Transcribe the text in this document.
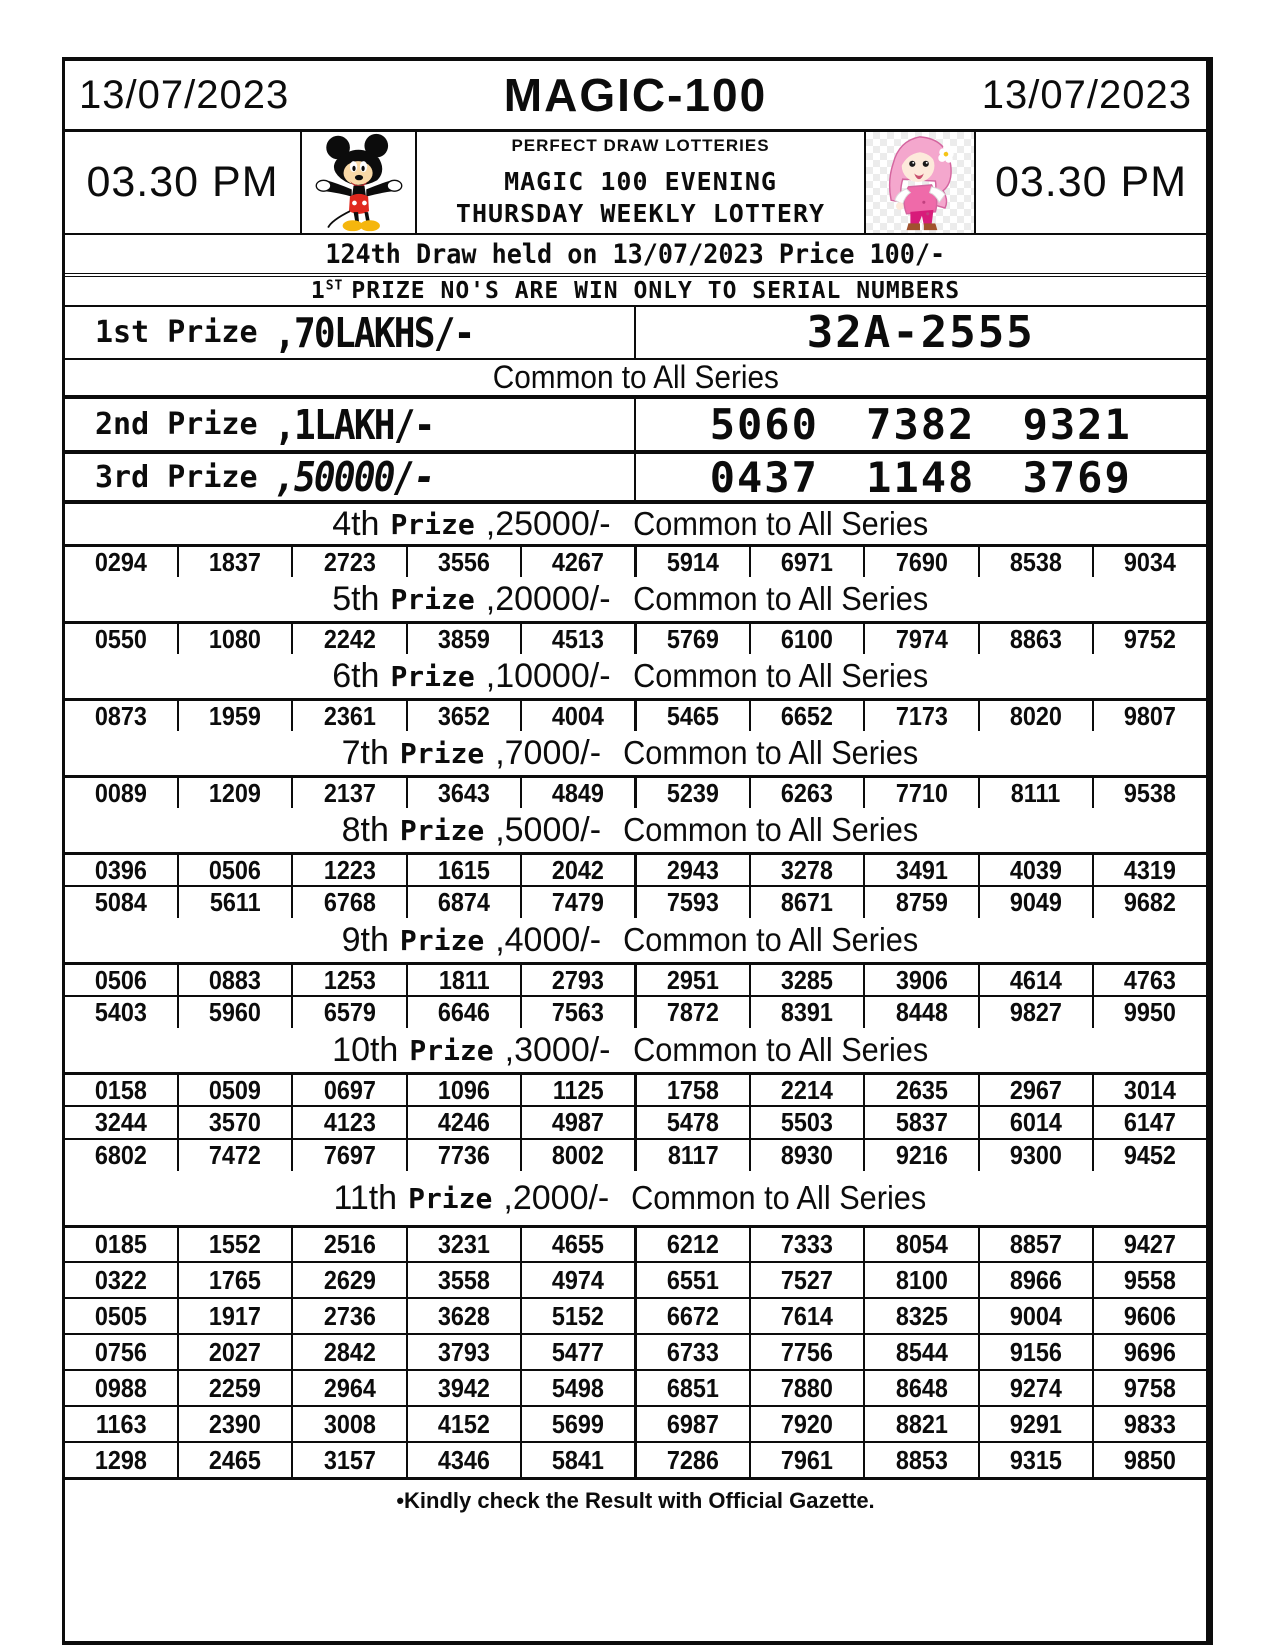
13/07/2023	MAGIC-100	13/07/2023
03.30 PM
PERFECT DRAW LOTTERIES
MAGIC 100 EVENING
THURSDAY WEEKLY LOTTERY
03.30 PM
124th Draw held on 13/07/2023 Price 100/-
1ST PRIZE NO'S ARE WIN ONLY TO SERIAL NUMBERS
1st Prize ,70LAKHS/-	32A-2555
Common to All Series
2nd Prize ,1LAKH/-	5060 7382 9321
3rd Prize ,50000/-	0437 1148 3769
4th Prize ,25000/- Common to All Series
0294 1837 2723 3556 4267 5914 6971 7690 8538 9034
5th Prize ,20000/- Common to All Series
0550 1080 2242 3859 4513 5769 6100 7974 8863 9752
6th Prize ,10000/- Common to All Series
0873 1959 2361 3652 4004 5465 6652 7173 8020 9807
7th Prize ,7000/- Common to All Series
0089 1209 2137 3643 4849 5239 6263 7710 8111 9538
8th Prize ,5000/- Common to All Series
0396 0506 1223 1615 2042 2943 3278 3491 4039 4319
5084 5611 6768 6874 7479 7593 8671 8759 9049 9682
9th Prize ,4000/- Common to All Series
0506 0883 1253 1811 2793 2951 3285 3906 4614 4763
5403 5960 6579 6646 7563 7872 8391 8448 9827 9950
10th Prize ,3000/- Common to All Series
0158 0509 0697 1096 1125 1758 2214 2635 2967 3014
3244 3570 4123 4246 4987 5478 5503 5837 6014 6147
6802 7472 7697 7736 8002 8117 8930 9216 9300 9452
11th Prize ,2000/- Common to All Series
0185 1552 2516 3231 4655 6212 7333 8054 8857 9427
0322 1765 2629 3558 4974 6551 7527 8100 8966 9558
0505 1917 2736 3628 5152 6672 7614 8325 9004 9606
0756 2027 2842 3793 5477 6733 7756 8544 9156 9696
0988 2259 2964 3942 5498 6851 7880 8648 9274 9758
1163 2390 3008 4152 5699 6987 7920 8821 9291 9833
1298 2465 3157 4346 5841 7286 7961 8853 9315 9850
•Kindly check the Result with Official Gazette.
